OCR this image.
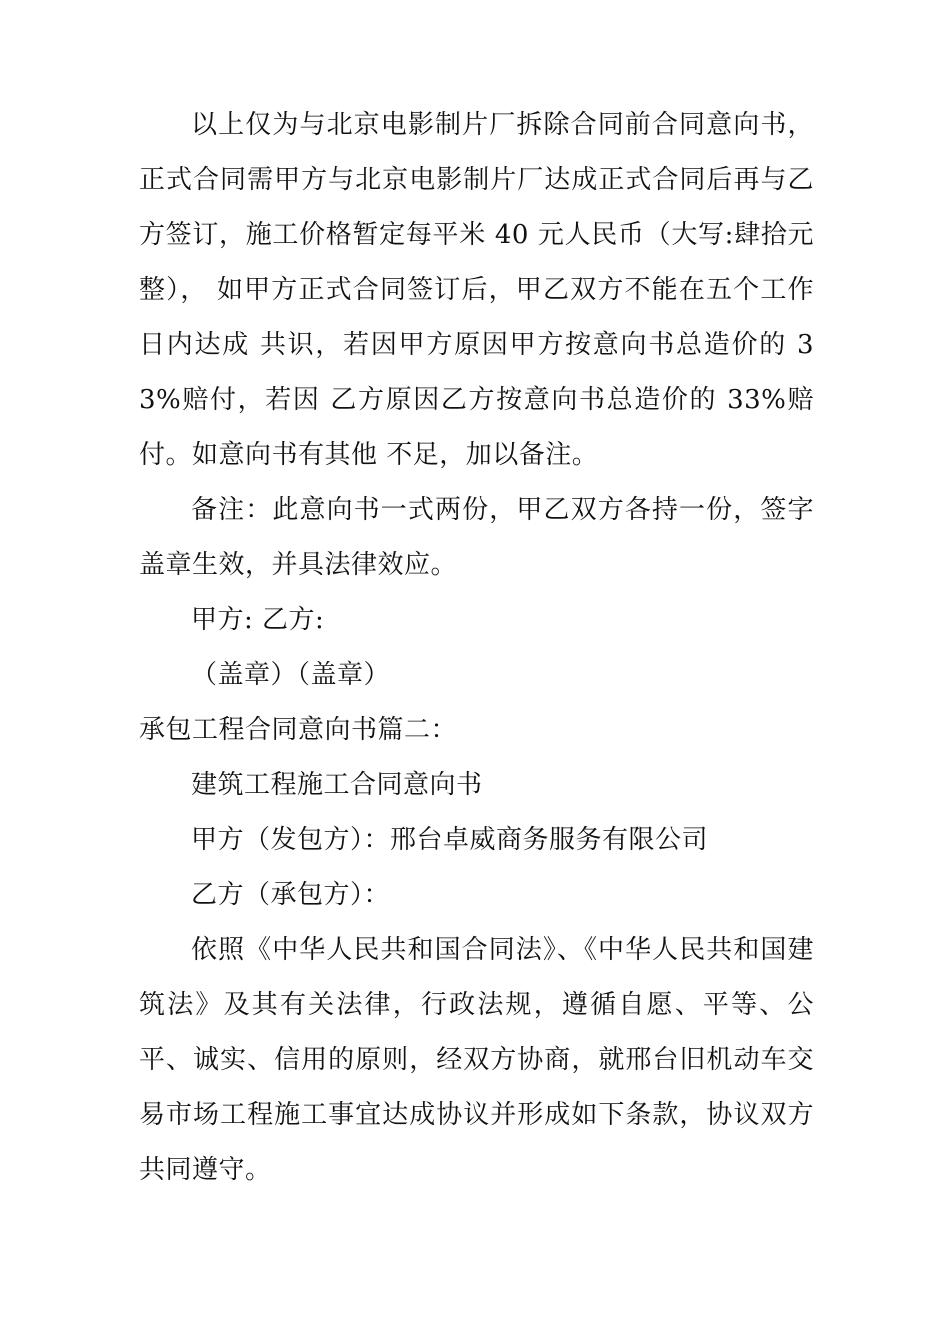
以上仅为与北京电影制片厂拆除合同前合同意向书，正式合同需甲方与北京电影制片厂达成正式合同后再与乙方签订，施工价格暂定每平米 40 元人民币（大写:肆拾元整）， 如甲方正式合同签订后，甲乙双方不能在五个工作日内达成 共识，若因甲方原因甲方按意向书总造价的 33%赔付，若因 乙方原因乙方按意向书总造价的 33%赔付。如意向书有其他 不足，加以备注。

备注：此意向书一式两份，甲乙双方各持一份，签字盖章生效，并具法律效应。

甲方: 乙方:

（盖章）（盖章）

承包工程合同意向书篇二：

建筑工程施工合同意向书

甲方（发包方）：邢台卓威商务服务有限公司

乙方（承包方）：

依照《中华人民共和国合同法》、《中华人民共和国建筑法》及其有关法律，行政法规，遵循自愿、平等、公平、诚实、信用的原则，经双方协商，就邢台旧机动车交易市场工程施工事宜达成协议并形成如下条款，协议双方共同遵守。
